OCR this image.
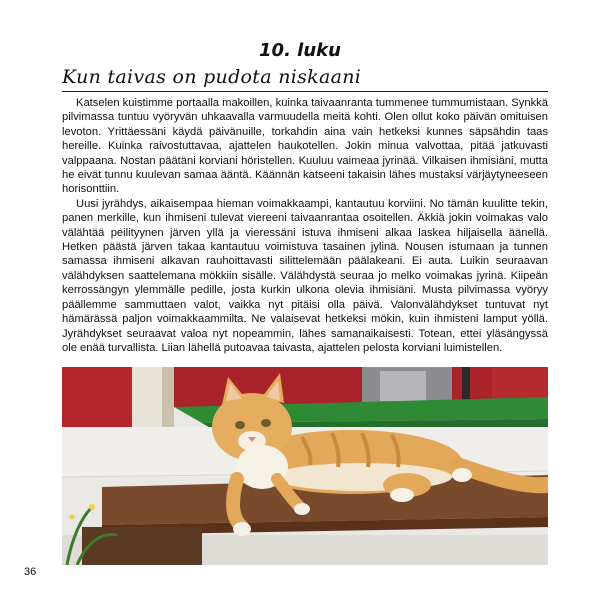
10. luku
Kun taivas on pudota niskaani

Katselen kuistimme portaalla makoillen, kuinka taivaanranta tummenee tummumistaan. Synkkä pilvimassa tuntuu vyöryvän uhkaavalla varmuudella meitä kohti. Olen ollut koko päivän omituisen levoton. Yrittäessäni käydä päivänuille, torkahdin aina vain hetkeksi kunnes säpsähdin taas hereille. Kuinka raivostuttavaa, ajattelen haukotellen. Jokin minua valvottaa, pitää jatkuvasti valppaana. Nostan päätäni korviani höristellen. Kuuluu vaimeaa jyrinää. Vilkaisen ihmisiäni, mutta he eivät tunnu kuulevan samaa ääntä. Käännän katseeni takaisin lähes mustaksi värjäytyneeseen horisonttiin.

Uusi jyrähdys, aikaisempaa hieman voimakkaampi, kantautuu korviini. No tämän kuulitte tekin, panen merkille, kun ihmiseni tulevat viereeni taivaanrantaa osoitellen. Äkkiä jokin voimakas valo välähtää peilityynen järven yllä ja vieressäni istuva ihmiseni alkaa laskea hiljaisella äänellä. Hetken päästä järven takaa kantautuu voimistuva tasainen jylinä. Nousen istumaan ja tunnen samassa ihmiseni alkavan rauhoittavasti silittelemään päälakeani. Ei auta. Luikin seuraavan välähdyksen saattelemana mökkiin sisälle. Välähdystä seuraa jo melko voimakas jyrinä. Kiipeän kerrossängyn ylemmälle pedille, josta kurkin ulkona olevia ihmisiäni. Musta pilvimassa vyöryy päällemme sammuttaen valot, vaikka nyt pitäisi olla päivä. Valonvälähdykset tuntuvat nyt hämärässä paljon voimakkaammilta. Ne valaisevat hetkeksi mökin, kuin ihmisteni lamput yöllä. Jyrähdykset seuraavat valoa nyt nopeammin, lähes samanaikaisesti. Totean, ettei yläsängyssä ole enää turvallista. Liian lähellä putoavaa taivasta, ajattelen pelosta korviani luimistellen.

36
